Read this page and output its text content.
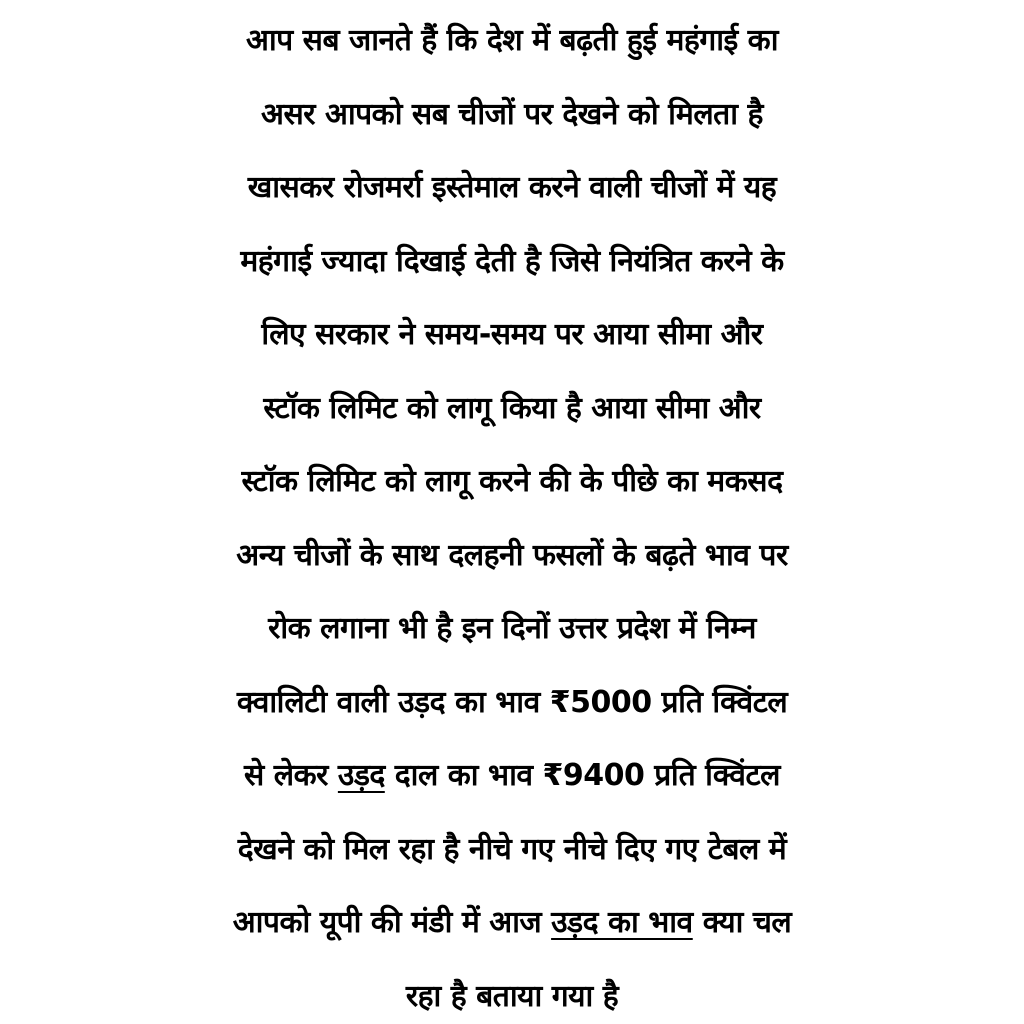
आप सब जानते हैं कि देश में बढ़ती हुई महंगाई का
असर आपको सब चीजों पर देखने को मिलता है
खासकर रोजमर्रा इस्तेमाल करने वाली चीजों में यह
महंगाई ज्यादा दिखाई देती है जिसे नियंत्रित करने के
लिए सरकार ने समय-समय पर आया सीमा और
स्टॉक लिमिट को लागू किया है आया सीमा और
स्टॉक लिमिट को लागू करने की के पीछे का मकसद
अन्य चीजों के साथ दलहनी फसलों के बढ़ते भाव पर
रोक लगाना भी है इन दिनों उत्तर प्रदेश में निम्न
क्वालिटी वाली उड़द का भाव ₹5000 प्रति क्विंटल
से लेकर उड़द दाल का भाव ₹9400 प्रति क्विंटल
देखने को मिल रहा है नीचे गए नीचे दिए गए टेबल में
आपको यूपी की मंडी में आज उड़द का भाव क्या चल
रहा है बताया गया है
